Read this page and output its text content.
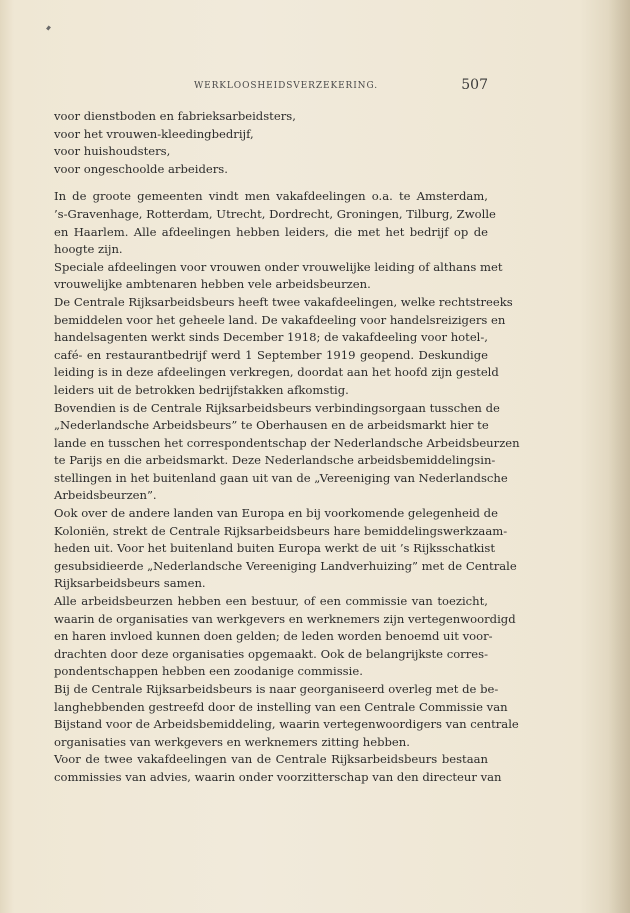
WERKLOOSHEIDSVERZEKERING.	507
voor dienstboden en fabrieksarbeidsters,
voor het vrouwen-kleedingbedrijf,
voor huishoudsters,
voor ongeschoolde arbeiders.
In de groote gemeenten vindt men vakafdeelingen o.a. te Amsterdam,
’s-Gravenhage, Rotterdam, Utrecht, Dordrecht, Groningen, Tilburg, Zwolle
en Haarlem. Alle afdeelingen hebben leiders, die met het bedrijf op de
hoogte zijn.
Speciale afdeelingen voor vrouwen onder vrouwelijke leiding of althans met
vrouwelijke ambtenaren hebben vele arbeidsbeurzen.
De Centrale Rijksarbeidsbeurs heeft twee vakafdeelingen, welke rechtstreeks
bemiddelen voor het geheele land. De vakafdeeling voor handelsreizigers en
handelsagenten werkt sinds December 1918; de vakafdeeling voor hotel-,
café- en restaurantbedrijf werd 1 September 1919 geopend. Deskundige
leiding is in deze afdeelingen verkregen, doordat aan het hoofd zijn gesteld
leiders uit de betrokken bedrijfstakken afkomstig.
Bovendien is de Centrale Rijksarbeidsbeurs verbindingsorgaan tusschen de
„Nederlandsche Arbeidsbeurs” te Oberhausen en de arbeidsmarkt hier te
lande en tusschen het correspondentschap der Nederlandsche Arbeidsbeurzen
te Parijs en die arbeidsmarkt. Deze Nederlandsche arbeidsbemiddelingsin-
stellingen in het buitenland gaan uit van de „Vereeniging van Nederlandsche
Arbeidsbeurzen”.
Ook over de andere landen van Europa en bij voorkomende gelegenheid de
Koloniën, strekt de Centrale Rijksarbeidsbeurs hare bemiddelingswerkzaam-
heden uit. Voor het buitenland buiten Europa werkt de uit ’s Rijksschatkist
gesubsidieerde „Nederlandsche Vereeniging Landverhuizing” met de Centrale
Rijksarbeidsbeurs samen.
Alle arbeidsbeurzen hebben een bestuur, of een commissie van toezicht,
waarin de organisaties van werkgevers en werknemers zijn vertegenwoordigd
en haren invloed kunnen doen gelden; de leden worden benoemd uit voor-
drachten door deze organisaties opgemaakt. Ook de belangrijkste corres-
pondentschappen hebben een zoodanige commissie.
Bij de Centrale Rijksarbeidsbeurs is naar georganiseerd overleg met de be-
langhebbenden gestreefd door de instelling van een Centrale Commissie van
Bijstand voor de Arbeidsbemiddeling, waarin vertegenwoordigers van centrale
organisaties van werkgevers en werknemers zitting hebben.
Voor de twee vakafdeelingen van de Centrale Rijksarbeidsbeurs bestaan
commissies van advies, waarin onder voorzitterschap van den directeur van
